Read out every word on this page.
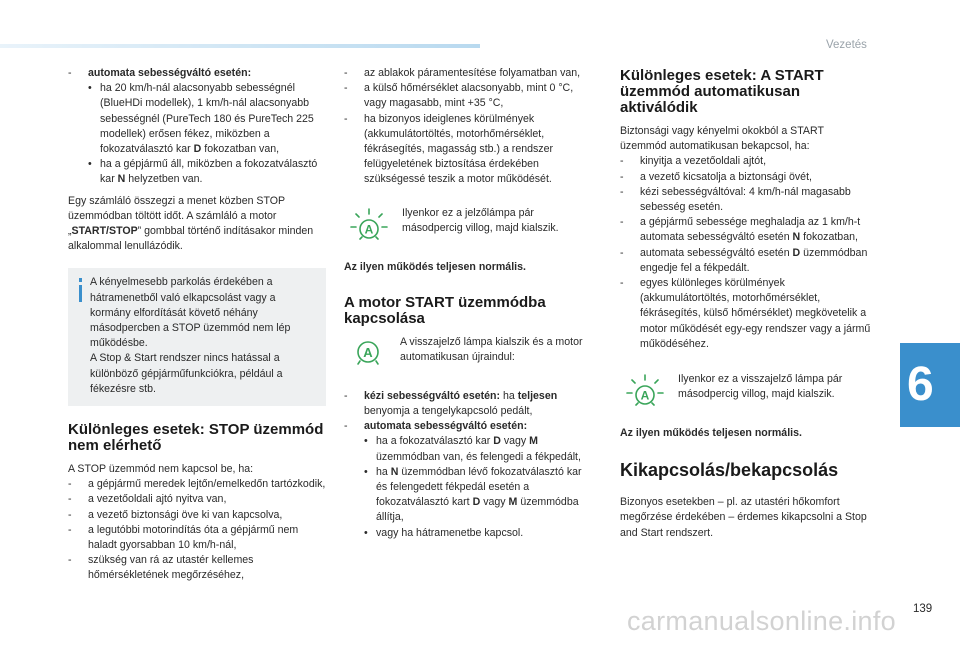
Vezetés
6
139
carmanualsonline.info
- automata sebességváltó esetén:
• ha 20 km/h-nál alacsonyabb sebességnél (BlueHDi modellek), 1 km/h-nál alacsonyabb sebességnél (PureTech 180 és PureTech 225 modellek) erősen fékez, miközben a fokozatválasztó kar D fokozatban van,
• ha a gépjármű áll, miközben a fokozatválasztó kar N helyzetben van.
Egy számláló összegzi a menet közben STOP üzemmódban töltött időt. A számláló a motor „START/STOP” gombbal történő indításakor minden alkalommal lenullázódik.
A kényelmesebb parkolás érdekében a hátramenetből való elkapcsolást vagy a kormány elfordítását követő néhány másodpercben a STOP üzemmód nem lép működésbe.
A Stop & Start rendszer nincs hatással a különböző gépjárműfunkciókra, például a fékezésre stb.
Különleges esetek: STOP üzemmód nem elérhető
A STOP üzemmód nem kapcsol be, ha:
- a gépjármű meredek lejtőn/emelkedőn tartózkodik,
- a vezetőoldali ajtó nyitva van,
- a vezető biztonsági öve ki van kapcsolva,
- a legutóbbi motorindítás óta a gépjármű nem haladt gyorsabban 10 km/h-nál,
- szükség van rá az utastér kellemes hőmérsékletének megőrzéséhez,
- az ablakok páramentesítése folyamatban van,
- a külső hőmérséklet alacsonyabb, mint 0 °C, vagy magasabb, mint +35 °C,
- ha bizonyos ideiglenes körülmények (akkumulátortöltés, motorhőmérséklet, fékrásegítés, magasság stb.) a rendszer felügyeletének biztosítása érdekében szükségessé teszik a motor működését.
A
Ilyenkor ez a jelzőlámpa pár másodpercig villog, majd kialszik.
Az ilyen működés teljesen normális.
A motor START üzemmódba kapcsolása
A
A visszajelző lámpa kialszik és a motor automatikusan újraindul:
- kézi sebességváltó esetén: ha teljesen benyomja a tengelykapcsoló pedált,
- automata sebességváltó esetén:
• ha a fokozatválasztó kar D vagy M üzemmódban van, és felengedi a fékpedált,
• ha N üzemmódban lévő fokozatválasztó kar és felengedett fékpedál esetén a fokozatválasztó kart D vagy M üzemmódba állítja,
• vagy ha hátramenetbe kapcsol.
Különleges esetek: A START üzemmód automatikusan aktiválódik
Biztonsági vagy kényelmi okokból a START üzemmód automatikusan bekapcsol, ha:
- kinyitja a vezetőoldali ajtót,
- a vezető kicsatolja a biztonsági övét,
- kézi sebességváltóval: 4 km/h-nál magasabb sebesség esetén.
- a gépjármű sebessége meghaladja az 1 km/h-t automata sebességváltó esetén N fokozatban,
- automata sebességváltó esetén D üzemmódban engedje fel a fékpedált.
- egyes különleges körülmények (akkumulátortöltés, motorhőmérséklet, fékrásegítés, külső hőmérséklet) megkövetelik a motor működését egy-egy rendszer vagy a jármű működéséhez.
A
Ilyenkor ez a visszajelző lámpa pár másodpercig villog, majd kialszik.
Az ilyen működés teljesen normális.
Kikapcsolás/bekapcsolás
Bizonyos esetekben – pl. az utastéri hőkomfort megőrzése érdekében – érdemes kikapcsolni a Stop and Start rendszert.
